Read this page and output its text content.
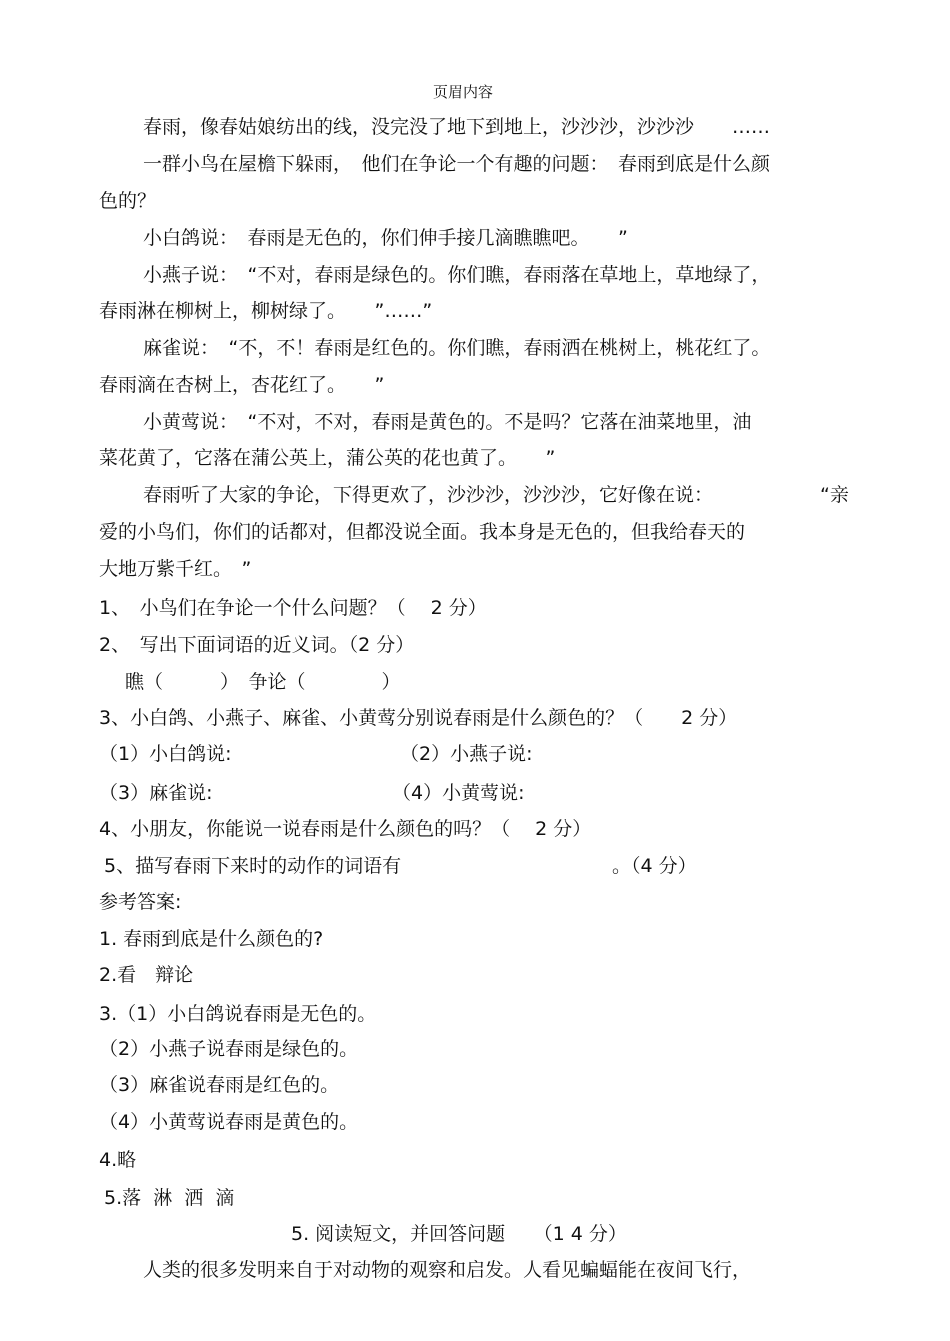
页眉内容
春雨，像春姑娘纺出的线，没完没了地下到地上，沙沙沙，沙沙沙　　……
一群小鸟在屋檐下躲雨，　他们在争论一个有趣的问题：　春雨到底是什么颜
色的？
小白鸽说：　春雨是无色的，你们伸手接几滴瞧瞧吧。　　”
小燕子说：　“不对，春雨是绿色的。你们瞧，春雨落在草地上，草地绿了，
春雨淋在柳树上，柳树绿了。　　”……”
麻雀说：　“不，不！春雨是红色的。你们瞧，春雨洒在桃树上，桃花红了。
春雨滴在杏树上，杏花红了。　　”
小黄莺说：　“不对，不对，春雨是黄色的。不是吗？它落在油菜地里，油
菜花黄了，它落在蒲公英上，蒲公英的花也黄了。　　”
春雨听了大家的争论，下得更欢了，沙沙沙，沙沙沙，它好像在说：	“亲
爱的小鸟们，你们的话都对，但都没说全面。我本身是无色的，但我给春天的
大地万紫千红。　”
1、　小鸟们在争论一个什么问题？（　 2 分）
2、　写出下面词语的近义词。（2 分）
瞧（　　　）　争论（　　　　）
3、小白鸽、小燕子、麻雀、小黄莺分别说春雨是什么颜色的？（　　2 分）
（1）小白鸽说:	（2）小燕子说:
（3）麻雀说:	（4）小黄莺说:
4、小朋友，你能说一说春雨是什么颜色的吗？（　 2 分）
5、描写春雨下来时的动作的词语有	。（4 分）
参考答案:
1. 春雨到底是什么颜色的?
2.看　辩论
3.（1）小白鸽说春雨是无色的。
（2）小燕子说春雨是绿色的。
（3）麻雀说春雨是红色的。
（4）小黄莺说春雨是黄色的。
4.略
5.落  淋  洒  滴
5. 阅读短文，并回答问题　　（1 4 分）
人类的很多发明来自于对动物的观察和启发。人看见蝙蝠能在夜间飞行，
